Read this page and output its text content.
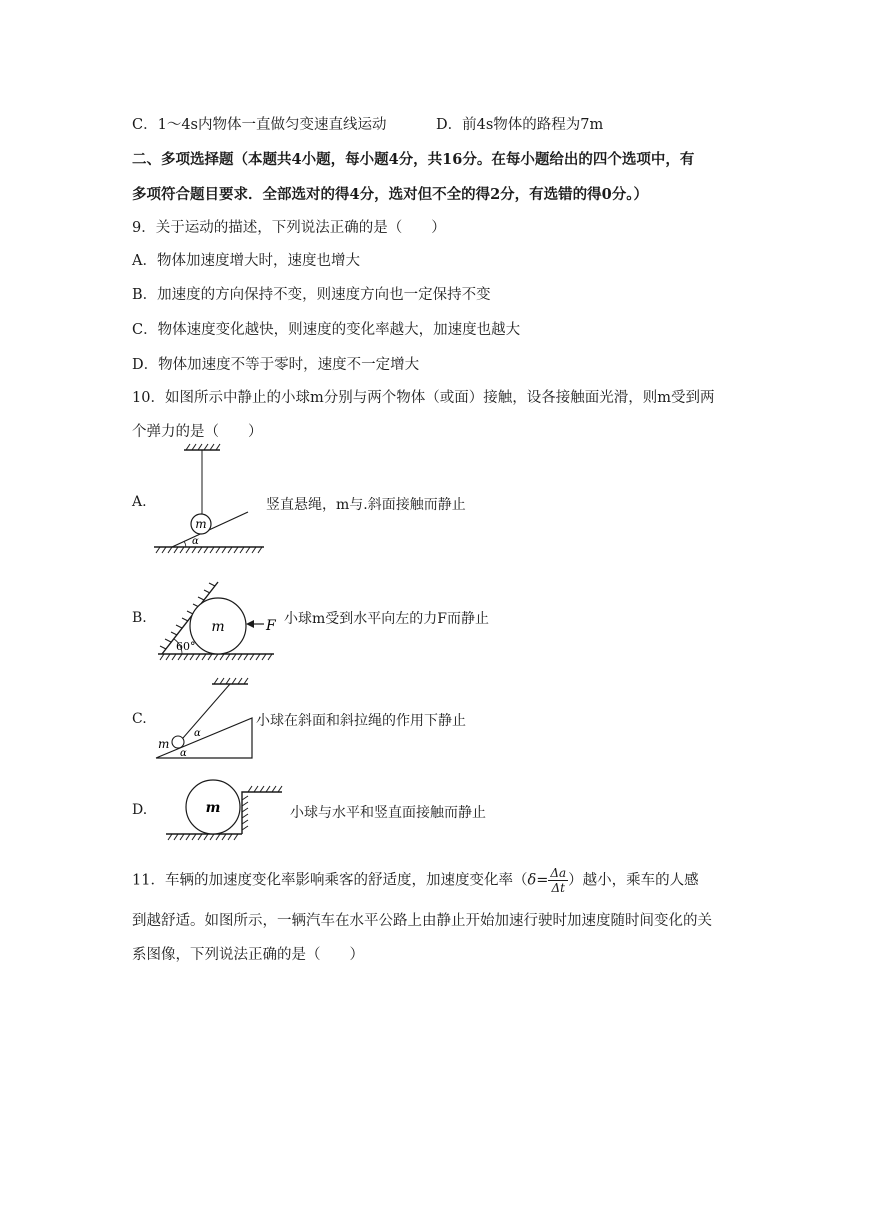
C．1～4s内物体一直做匀变速直线运动	D．前4s物体的路程为7m
二、多项选择题（本题共4小题，每小题4分，共16分。在每小题给出的四个选项中，有
多项符合题目要求．全部选对的得4分，选对但不全的得2分，有选错的得0分。）
9．关于运动的描述，下列说法正确的是（　　）
A．物体加速度增大时，速度也增大
B．加速度的方向保持不变，则速度方向也一定保持不变
C．物体速度变化越快，则速度的变化率越大，加速度也越大
D．物体加速度不等于零时，速度不一定增大
10．如图所示中静止的小球m分别与两个物体（或面）接触，设各接触面光滑，则m受到两
个弹力的是（　　）
A.
m
α
竖直悬绳，m与.斜面接触而静止
B.
m
60°
F 小球m受到水平向左的力F而静止
C.
m
α
α
小球在斜面和斜拉绳的作用下静止
D.	m	小球与水平和竖直面接触而静止
11．车辆的加速度变化率影响乘客的舒适度，加速度变化率（$\delta= \frac{\Delta a}{\Delta t}$ ）越小，乘车的人感
到越舒适。如图所示，一辆汽车在水平公路上由静止开始加速行驶时加速度随时间变化的关
系图像，下列说法正确的是（　　）
